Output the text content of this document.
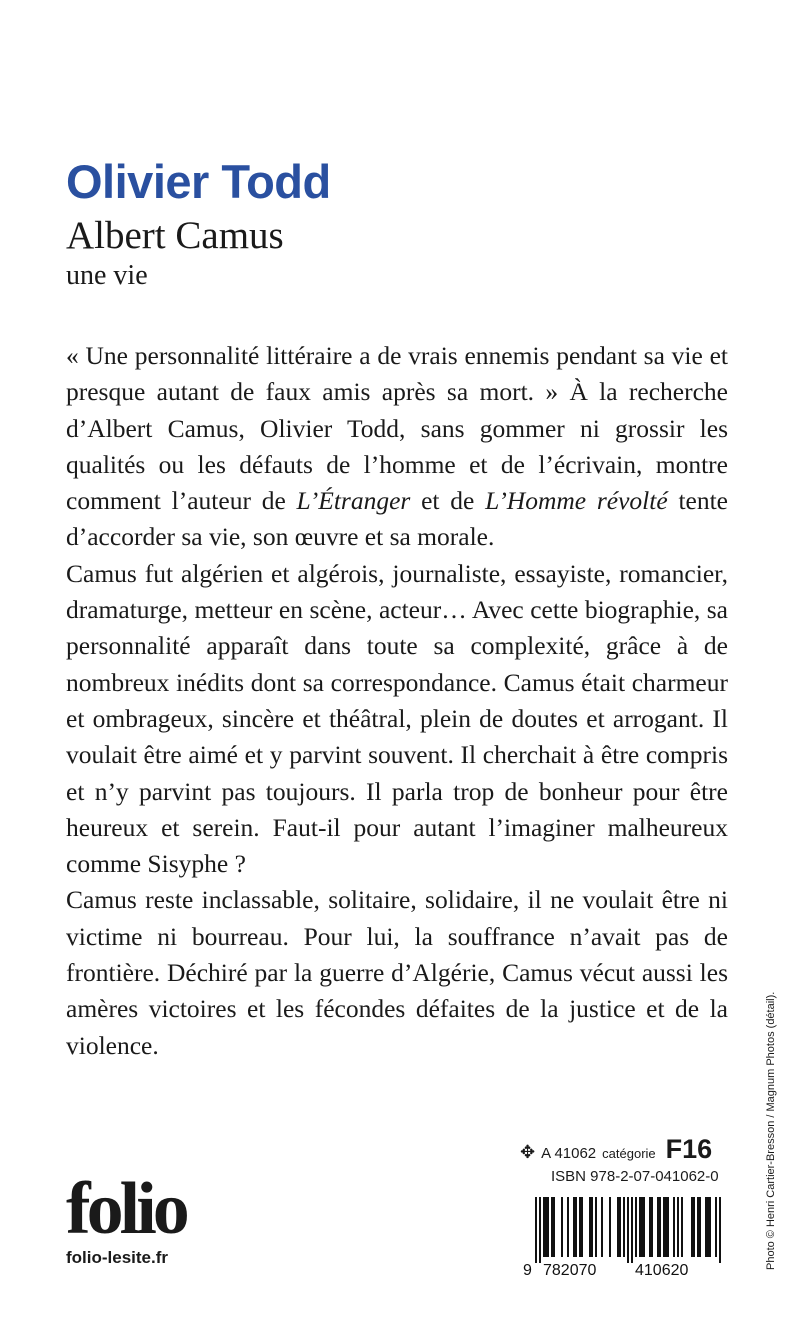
Olivier Todd
Albert Camus
une vie

« Une personnalité littéraire a de vrais ennemis pendant sa vie et presque autant de faux amis après sa mort. » À la recherche d’Albert Camus, Olivier Todd, sans gommer ni grossir les qualités ou les défauts de l’homme et de l’écrivain, montre comment l’auteur de L’Étranger et de L’Homme révolté tente d’accorder sa vie, son œuvre et sa morale.

Camus fut algérien et algérois, journaliste, essayiste, romancier, dramaturge, metteur en scène, acteur… Avec cette biographie, sa personnalité apparaît dans toute sa complexité, grâce à de nombreux inédits dont sa correspondance. Camus était charmeur et ombrageux, sincère et théâtral, plein de doutes et arrogant. Il voulait être aimé et y parvint souvent. Il cherchait à être compris et n’y parvint pas toujours. Il parla trop de bonheur pour être heureux et serein. Faut-il pour autant l’imaginer malheureux comme Sisyphe ?

Camus reste inclassable, solitaire, solidaire, il ne voulait être ni victime ni bourreau. Pour lui, la souffrance n’avait pas de frontière. Déchiré par la guerre d’Algérie, Camus vécut aussi les amères victoires et les fécondes défaites de la justice et de la violence.	Photo © Henri Cartier-Bresson / Magnum Photos (détail).
✥ A 41062 catégorie F16
ISBN 978-2-07-041062-0
9 782070 410620
folio
folio-lesite.fr
